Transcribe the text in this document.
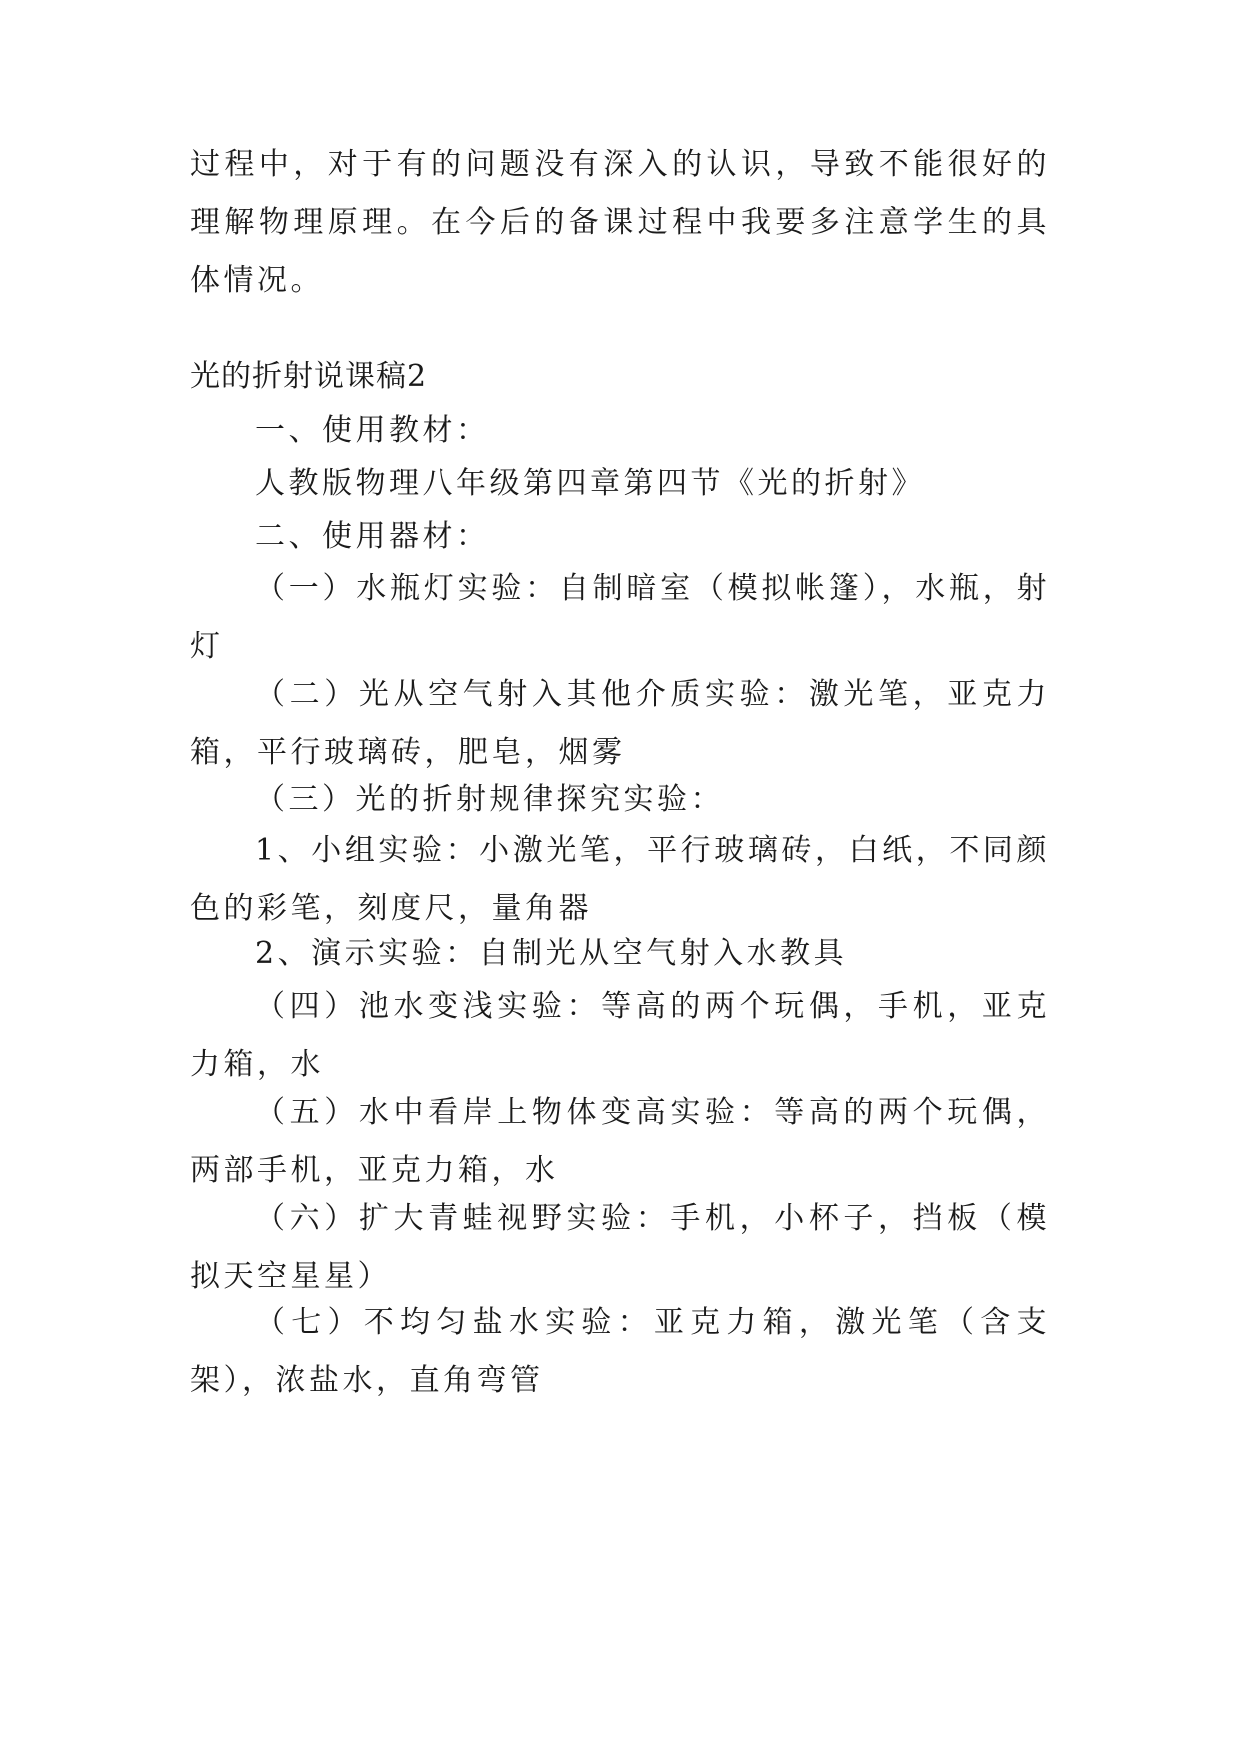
过程中，对于有的问题没有深入的认识，导致不能很好的理解物理原理。在今后的备课过程中我要多注意学生的具体情况。

光的折射说课稿2

一、使用教材：

人教版物理八年级第四章第四节《光的折射》

二、使用器材：

（一）水瓶灯实验：自制暗室（模拟帐篷），水瓶，射灯

（二）光从空气射入其他介质实验：激光笔，亚克力箱，平行玻璃砖，肥皂，烟雾

（三）光的折射规律探究实验：

1、小组实验：小激光笔，平行玻璃砖，白纸，不同颜色的彩笔，刻度尺，量角器

2、演示实验：自制光从空气射入水教具

（四）池水变浅实验：等高的两个玩偶，手机，亚克力箱，水

（五）水中看岸上物体变高实验：等高的两个玩偶，两部手机，亚克力箱，水

（六）扩大青蛙视野实验：手机，小杯子，挡板（模拟天空星星）

（七）不均匀盐水实验：亚克力箱，激光笔（含支架），浓盐水，直角弯管
